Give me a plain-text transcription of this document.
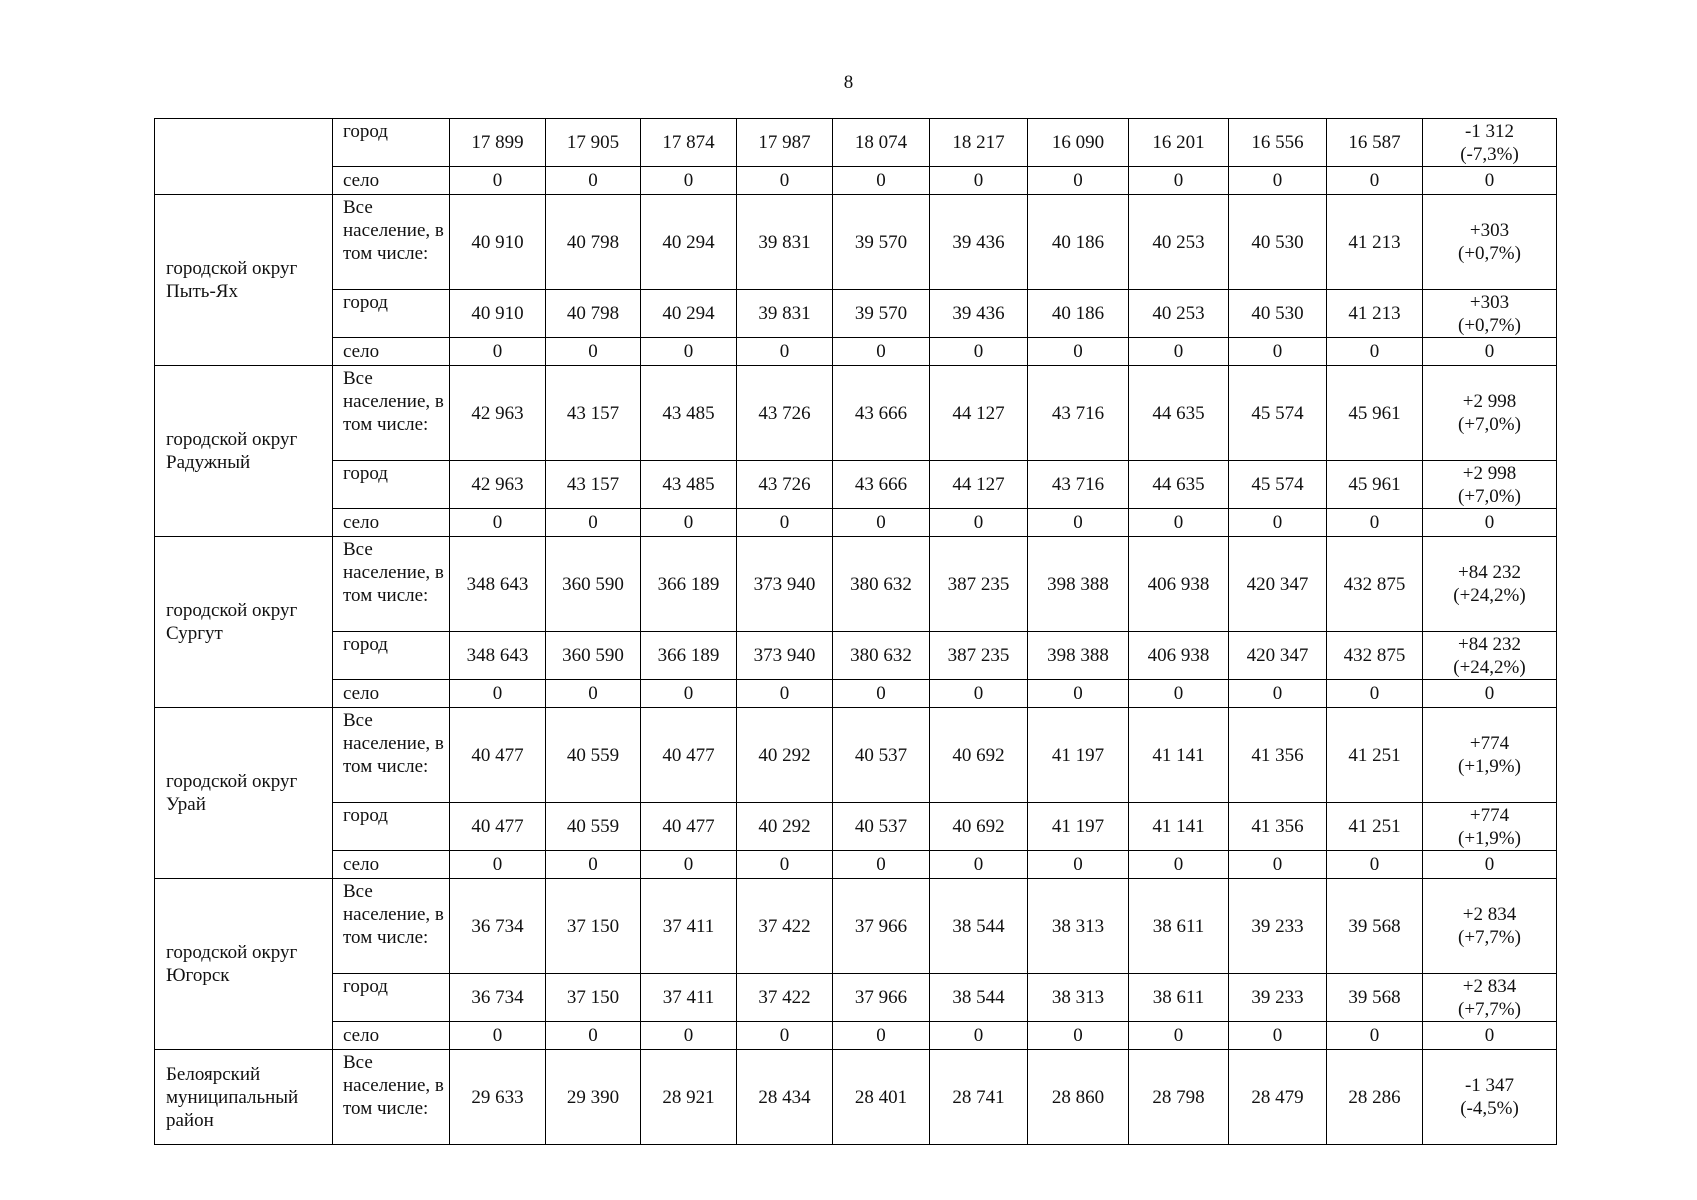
8
	город	17 899	17 905	17 874	17 987	18 074	18 217	16 090	16 201	16 556	16 587	-1 312
(-7,3%)

	село	0	0	0	0	0	0	0	0	0	0	0

городской округ Пыть-Ях	Все население, в том числе:	40 910	40 798	40 294	39 831	39 570	39 436	40 186	40 253	40 530	41 213	+303
(+0,7%)

	город	40 910	40 798	40 294	39 831	39 570	39 436	40 186	40 253	40 530	41 213	+303
(+0,7%)

	село	0	0	0	0	0	0	0	0	0	0	0

городской округ Радужный	Все население, в том числе:	42 963	43 157	43 485	43 726	43 666	44 127	43 716	44 635	45 574	45 961	+2 998
(+7,0%)

	город	42 963	43 157	43 485	43 726	43 666	44 127	43 716	44 635	45 574	45 961	+2 998
(+7,0%)

	село	0	0	0	0	0	0	0	0	0	0	0

городской округ Сургут	Все население, в том числе:	348 643	360 590	366 189	373 940	380 632	387 235	398 388	406 938	420 347	432 875	+84 232
(+24,2%)

	город	348 643	360 590	366 189	373 940	380 632	387 235	398 388	406 938	420 347	432 875	+84 232
(+24,2%)

	село	0	0	0	0	0	0	0	0	0	0	0

городской округ Урай	Все население, в том числе:	40 477	40 559	40 477	40 292	40 537	40 692	41 197	41 141	41 356	41 251	+774
(+1,9%)

	город	40 477	40 559	40 477	40 292	40 537	40 692	41 197	41 141	41 356	41 251	+774
(+1,9%)

	село	0	0	0	0	0	0	0	0	0	0	0

городской округ Югорск	Все население, в том числе:	36 734	37 150	37 411	37 422	37 966	38 544	38 313	38 611	39 233	39 568	+2 834
(+7,7%)

	город	36 734	37 150	37 411	37 422	37 966	38 544	38 313	38 611	39 233	39 568	+2 834
(+7,7%)

	село	0	0	0	0	0	0	0	0	0	0	0

Белоярский муниципальный район	Все население, в том числе:	29 633	29 390	28 921	28 434	28 401	28 741	28 860	28 798	28 479	28 286	-1 347
(-4,5%)
